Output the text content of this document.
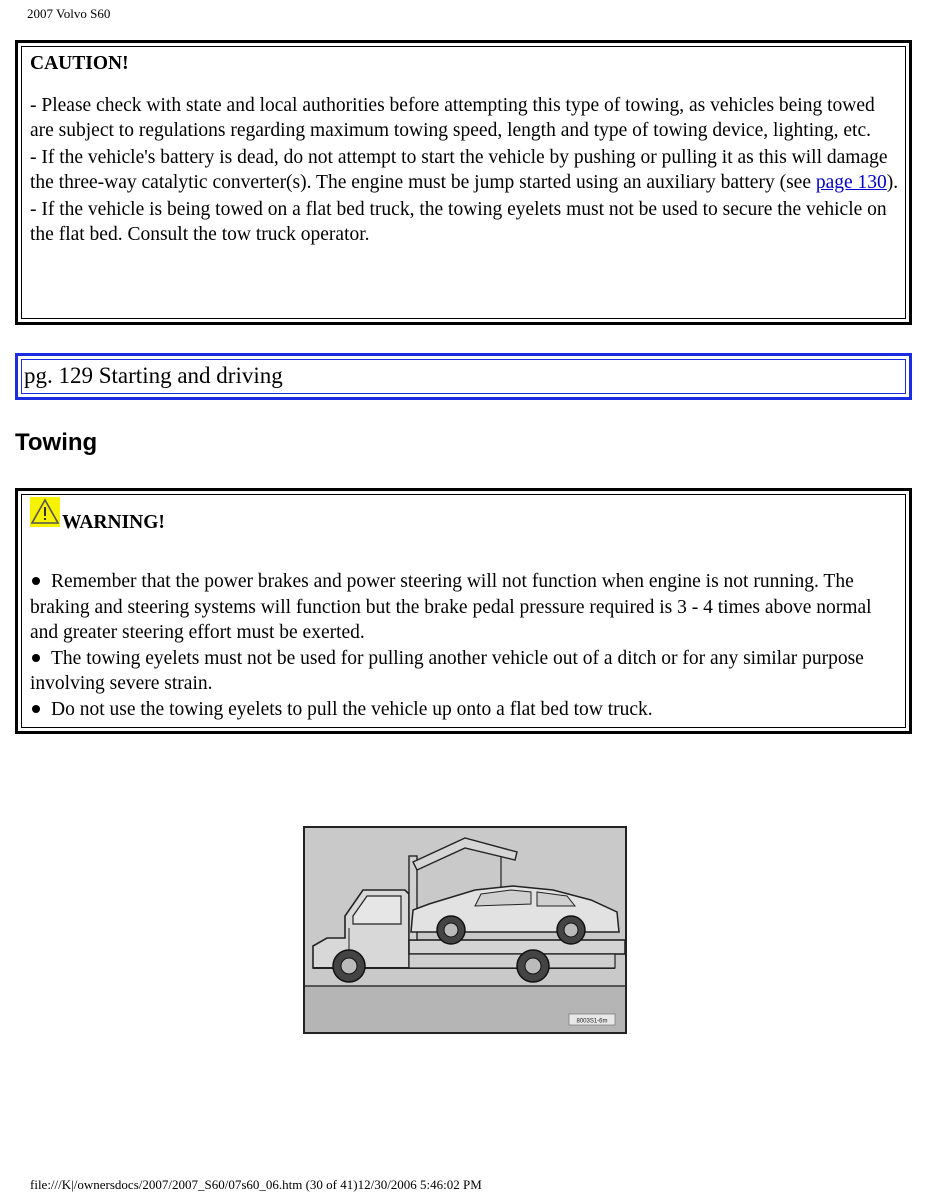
2007 Volvo S60
CAUTION!

- Please check with state and local authorities before attempting this type of towing, as vehicles being towed are subject to regulations regarding maximum towing speed, length and type of towing device, lighting, etc.

- If the vehicle's battery is dead, do not attempt to start the vehicle by pushing or pulling it as this will damage the three-way catalytic converter(s). The engine must be jump started using an auxiliary battery (see page 130).

- If the vehicle is being towed on a flat bed truck, the towing eyelets must not be used to secure the vehicle on the flat bed. Consult the tow truck operator.

pg. 129 Starting and driving
Towing
WARNING!

Remember that the power brakes and power steering will not function when engine is not running. The braking and steering systems will function but the brake pedal pressure required is 3 - 4 times above normal and greater steering effort must be exerted.

The towing eyelets must not be used for pulling another vehicle out of a ditch or for any similar purpose involving severe strain.

Do not use the towing eyelets to pull the vehicle up onto a flat bed tow truck.

8003S1-6m
file:///K|/ownersdocs/2007/2007_S60/07s60_06.htm (30 of 41)12/30/2006 5:46:02 PM
